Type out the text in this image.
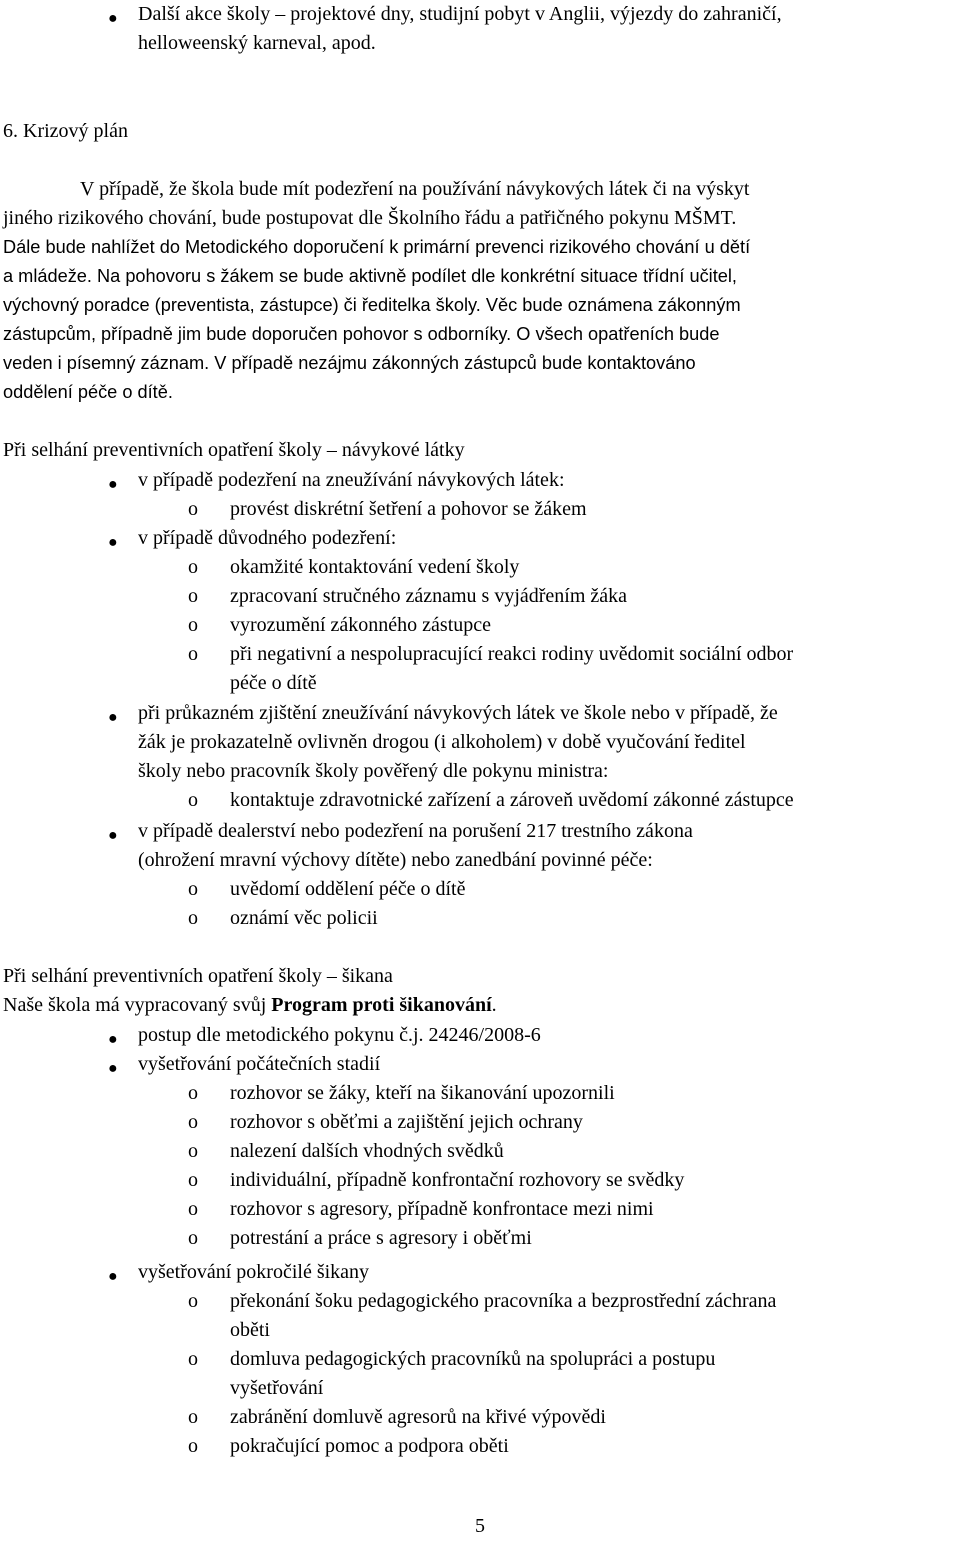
●
Další akce školy – projektové dny, studijní pobyt v Anglii, výjezdy do zahraničí,
helloweenský karneval, apod.
6. Krizový plán
V případě, že škola bude mít podezření na používání návykových látek či na výskyt
jiného rizikového chování, bude postupovat dle Školního řádu a patřičného pokynu MŠMT.
Dále bude nahlížet do Metodického doporučení k primární prevenci rizikového chování u dětí
a mládeže. Na pohovoru s žákem se bude aktivně podílet dle konkrétní situace třídní učitel,
výchovný poradce (preventista, zástupce) či ředitelka školy. Věc bude oznámena zákonným
zástupcům, případně jim bude doporučen pohovor s odborníky. O všech opatřeních bude
veden i písemný záznam. V případě nezájmu zákonných zástupců bude kontaktováno
oddělení péče o dítě.
Při selhání preventivních opatření školy – návykové látky
●
v případě podezření na zneužívání návykových látek:
o
provést diskrétní šetření a pohovor se žákem
●
v případě důvodného podezření:
o
okamžité kontaktování vedení školy
o
zpracovaní stručného záznamu s vyjádřením žáka
o
vyrozumění zákonného zástupce
o
při negativní a nespolupracující reakci rodiny uvědomit sociální odbor
péče o dítě
●
při průkazném zjištění zneužívání návykových látek ve škole nebo v případě, že
žák je prokazatelně ovlivněn drogou (i alkoholem) v době vyučování ředitel
školy nebo pracovník školy pověřený dle pokynu ministra:
o
kontaktuje zdravotnické zařízení a zároveň uvědomí zákonné zástupce
●
v případě dealerství nebo podezření na porušení 217 trestního zákona
(ohrožení mravní výchovy dítěte) nebo zanedbání povinné péče:
o
uvědomí oddělení péče o dítě
o
oznámí věc policii
Při selhání preventivních opatření školy – šikana
Naše škola má vypracovaný svůj Program proti šikanování.
●
postup dle metodického pokynu č.j. 24246/2008-6
●
vyšetřování počátečních stadií
o
rozhovor se žáky, kteří na šikanování upozornili
o
rozhovor s oběťmi a zajištění jejich ochrany
o
nalezení dalších vhodných svědků
o
individuální, případně konfrontační rozhovory se svědky
o
rozhovor s agresory, případně konfrontace mezi nimi
o
potrestání a práce s agresory i oběťmi
●
vyšetřování pokročilé šikany
o
překonání šoku pedagogického pracovníka a bezprostřední záchrana
oběti
o
domluva pedagogických pracovníků na spolupráci a postupu
vyšetřování
o
zabránění domluvě agresorů na křivé výpovědi
o
pokračující pomoc a podpora oběti
5
